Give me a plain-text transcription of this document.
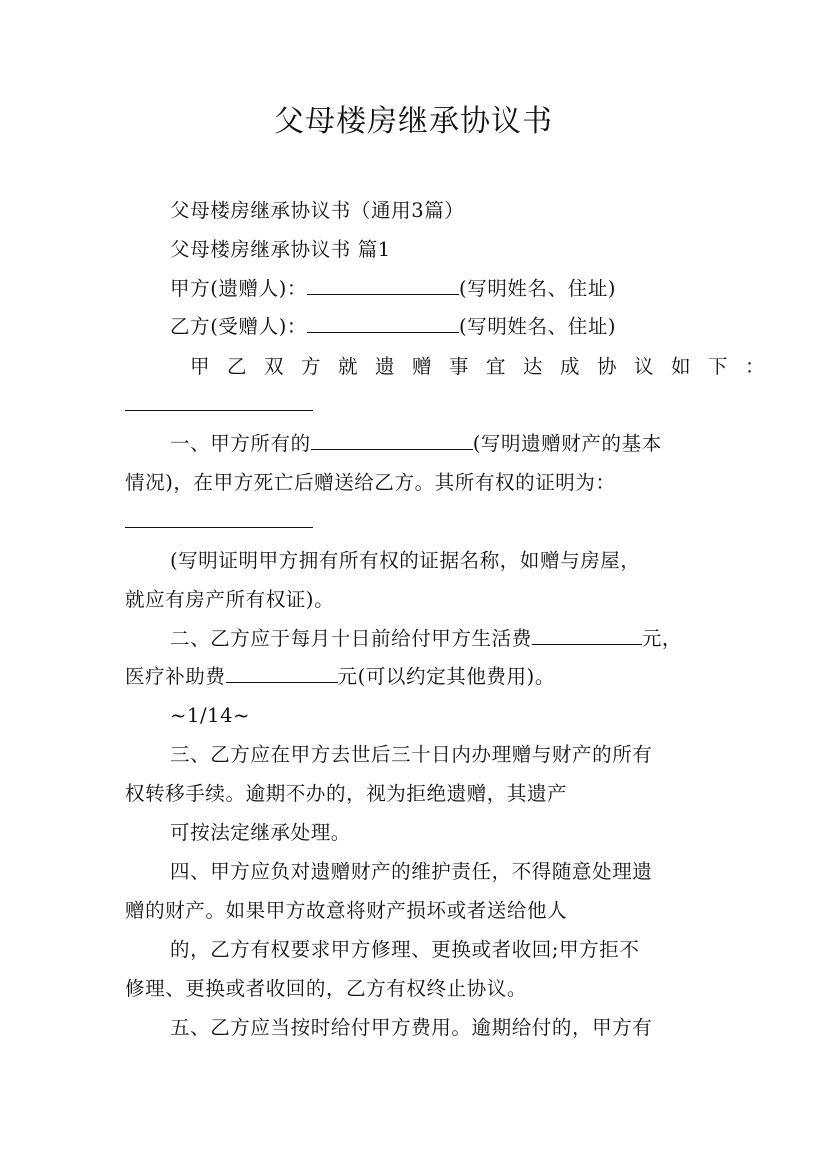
父母楼房继承协议书
父母楼房继承协议书（通用3篇）
父母楼房继承协议书 篇1
甲方(遗赠人)：	(写明姓名、住址)
乙方(受赠人)：	(写明姓名、住址)
甲乙双方就遗赠事宜达成协议如下：
一、甲方所有的	(写明遗赠财产的基本
情况)，在甲方死亡后赠送给乙方。其所有权的证明为：
(写明证明甲方拥有所有权的证据名称，如赠与房屋，
就应有房产所有权证)。
二、乙方应于每月十日前给付甲方生活费	元，
医疗补助费	元(可以约定其他费用)。
~1/14~
三、乙方应在甲方去世后三十日内办理赠与财产的所有
权转移手续。逾期不办的，视为拒绝遗赠，其遗产
可按法定继承处理。
四、甲方应负对遗赠财产的维护责任，不得随意处理遗
赠的财产。如果甲方故意将财产损坏或者送给他人
的，乙方有权要求甲方修理、更换或者收回;甲方拒不
修理、更换或者收回的，乙方有权终止协议。
五、乙方应当按时给付甲方费用。逾期给付的，甲方有
